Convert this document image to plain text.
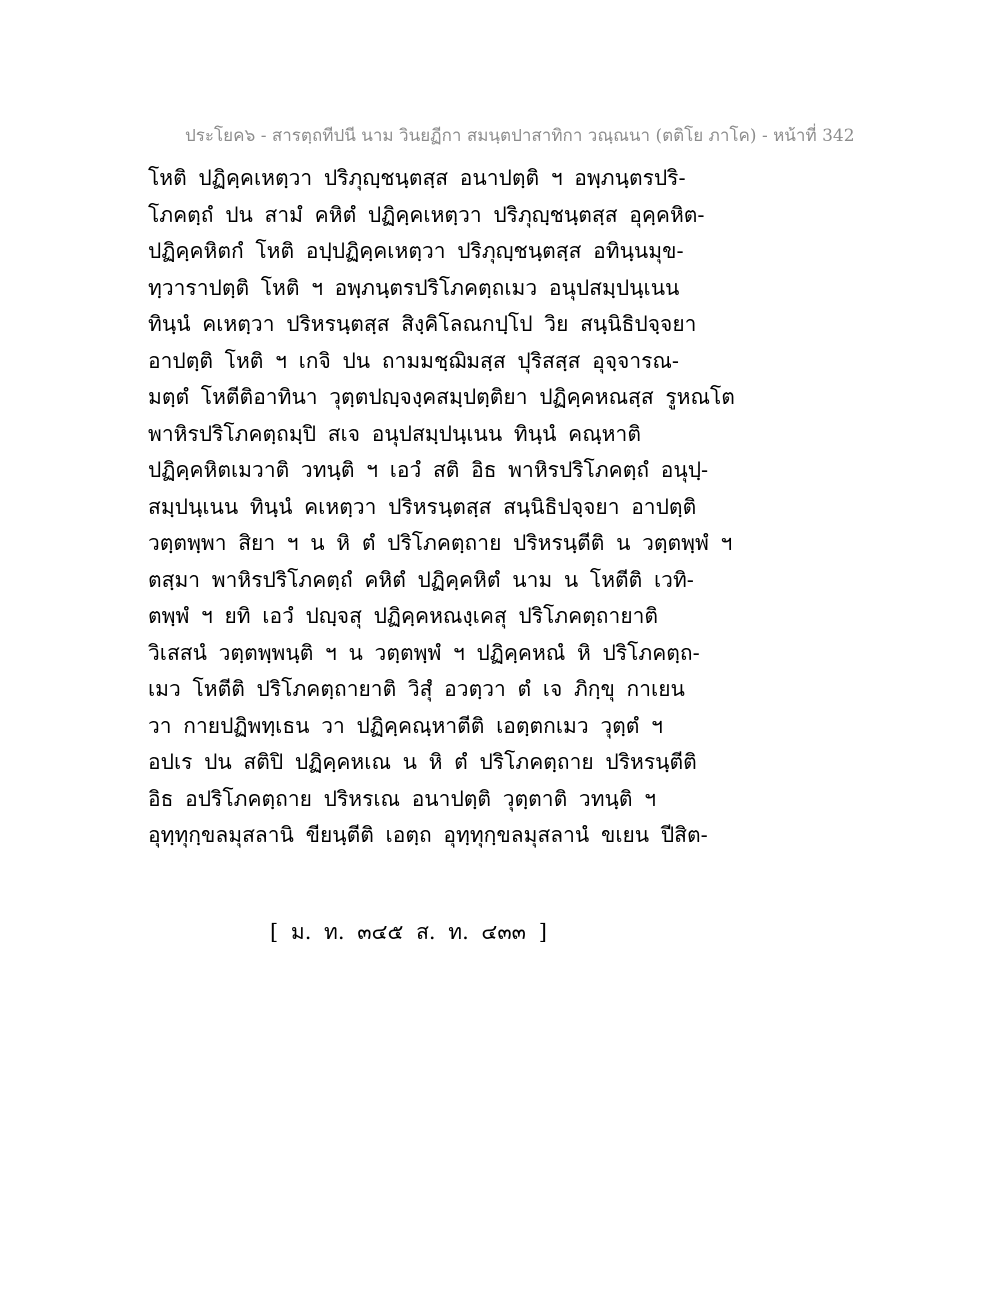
ประโยค๖ - สารตฺถทีปนี นาม วินยฏีกา สมนฺตปาสาทิกา วณฺณนา (ตติโย ภาโค) - หน้าที่ 342
โหติ ปฏิคฺคเหตฺวา ปริภุญฺชนฺตสฺส อนาปตฺติ ฯ อพฺภนฺตรปริ-
โภคตฺถํ ปน สามํ คหิตํ ปฏิคฺคเหตฺวา ปริภุญฺชนฺตสฺส อุคฺคหิต-
ปฏิคฺคหิตกํ โหติ อปฺปฏิคฺคเหตฺวา ปริภุญฺชนฺตสฺส อทินฺนมุข-
ทฺวาราปตฺติ โหติ ฯ อพฺภนฺตรปริโภคตฺถเมว อนุปสมฺปนฺเนน
ทินฺนํ คเหตฺวา ปริหรนฺตสฺส สิงฺคิโลณกปฺโป วิย สนฺนิธิปจฺจยา
อาปตฺติ โหติ ฯ เกจิ ปน ถามมชฺฌิมสฺส ปุริสสฺส อุจฺจารณ-
มตฺตํ โหตีติอาทินา วุตฺตปญฺจงฺคสมฺปตฺติยา ปฏิคฺคหณสฺส รูหณโต
พาหิรปริโภคตฺถมฺปิ สเจ อนุปสมฺปนฺเนน ทินฺนํ คณฺหาติ
ปฏิคฺคหิตเมวาติ วทนฺติ ฯ เอวํ สติ อิธ พาหิรปริโภคตฺถํ อนุปฺ-
สมฺปนฺเนน ทินฺนํ คเหตฺวา ปริหรนฺตสฺส สนฺนิธิปจฺจยา อาปตฺติ
วตฺตพฺพา สิยา ฯ น หิ ตํ ปริโภคตฺถาย ปริหรนฺตีติ น วตฺตพฺพํ ฯ
ตสฺมา พาหิรปริโภคตฺถํ คหิตํ ปฏิคฺคหิตํ นาม น โหตีติ เวทิ-
ตพฺพํ ฯ ยทิ เอวํ ปญฺจสุ ปฏิคฺคหณงฺเคสุ ปริโภคตฺถายาติ
วิเสสนํ วตฺตพฺพนฺติ ฯ น วตฺตพฺพํ ฯ ปฏิคฺคหณํ หิ ปริโภคตฺถ-
เมว โหตีติ ปริโภคตฺถายาติ วิสุํ อวตฺวา ตํ เจ ภิกฺขุ กาเยน
วา กายปฏิพทฺเธน วา ปฏิคฺคณฺหาตีติ เอตฺตกเมว วุตฺตํ ฯ
อปเร ปน สติปิ ปฏิคฺคหเณ น หิ ตํ ปริโภคตฺถาย ปริหรนฺตีติ
อิธ อปริโภคตฺถาย ปริหรเณ อนาปตฺติ วุตฺตาติ วทนฺติ ฯ
อุทฺทุกฺขลมุสลานิ ขียนฺตีติ เอตฺถ อุทฺทุกฺขลมุสลานํ ขเยน ปีสิต-
[ ม. ท. ๓๔๕ ส. ท. ๔๓๓ ]
